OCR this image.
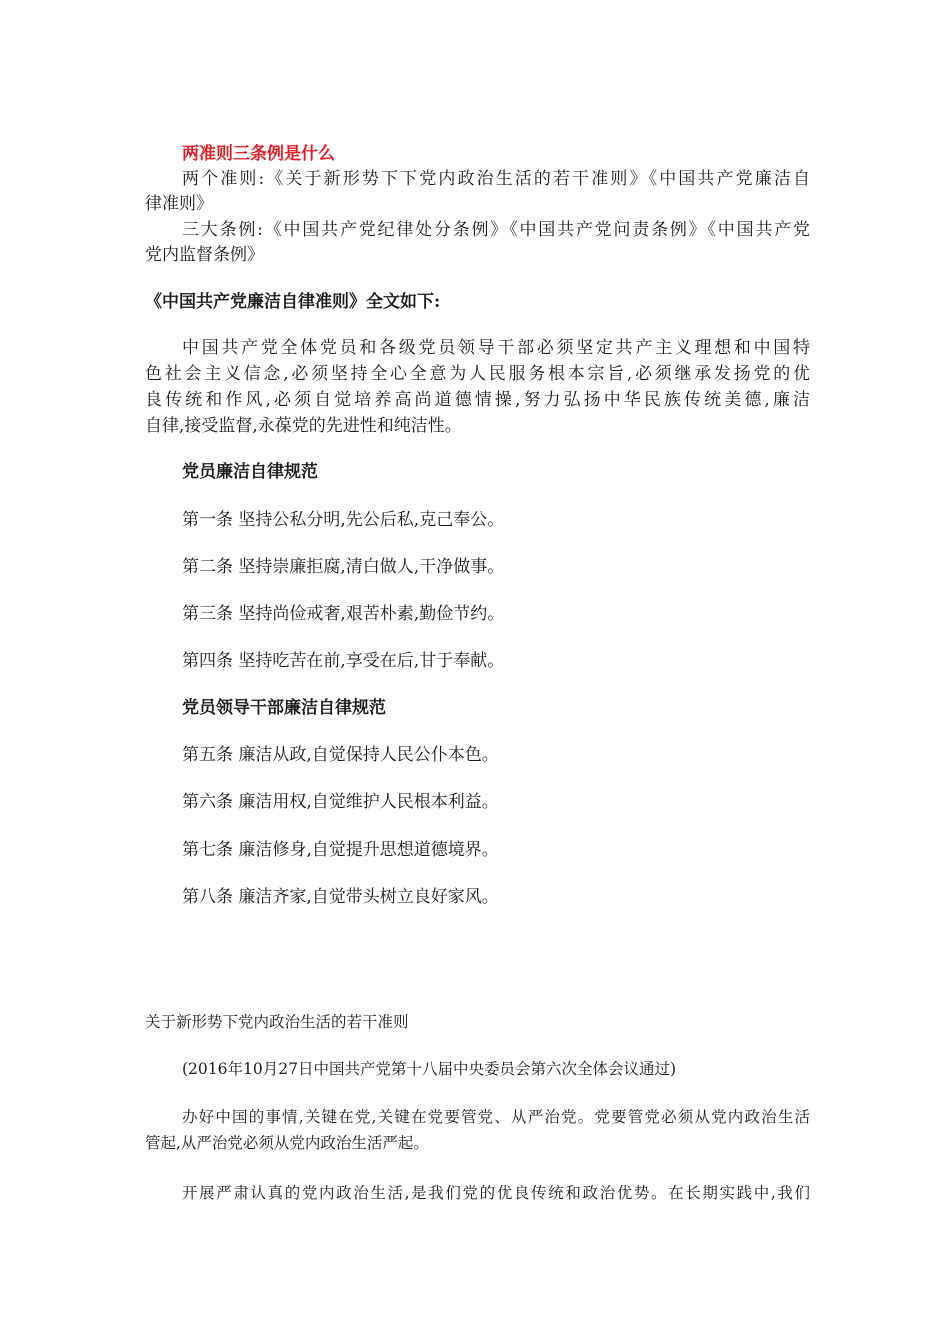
两准则三条例是什么
两个准则:《关于新形势下下党内政治生活的若干准则》《中国共产党廉洁自
律准则》
三大条例:《中国共产党纪律处分条例》《中国共产党问责条例》《中国共产党
党内监督条例》
《中国共产党廉洁自律准则》全文如下:
中国共产党全体党员和各级党员领导干部必须坚定共产主义理想和中国特
色社会主义信念,必须坚持全心全意为人民服务根本宗旨,必须继承发扬党的优
良传统和作风,必须自觉培养高尚道德情操,努力弘扬中华民族传统美德,廉洁
自律,接受监督,永葆党的先进性和纯洁性。
党员廉洁自律规范
第一条 坚持公私分明,先公后私,克己奉公。
第二条 坚持崇廉拒腐,清白做人,干净做事。
第三条 坚持尚俭戒奢,艰苦朴素,勤俭节约。
第四条 坚持吃苦在前,享受在后,甘于奉献。
党员领导干部廉洁自律规范
第五条 廉洁从政,自觉保持人民公仆本色。
第六条 廉洁用权,自觉维护人民根本利益。
第七条 廉洁修身,自觉提升思想道德境界。
第八条 廉洁齐家,自觉带头树立良好家风。
关于新形势下党内政治生活的若干准则
(2016年10月27日中国共产党第十八届中央委员会第六次全体会议通过)
办好中国的事情,关键在党,关键在党要管党、从严治党。党要管党必须从党内政治生活
管起,从严治党必须从党内政治生活严起。
开展严肃认真的党内政治生活,是我们党的优良传统和政治优势。在长期实践中,我们
